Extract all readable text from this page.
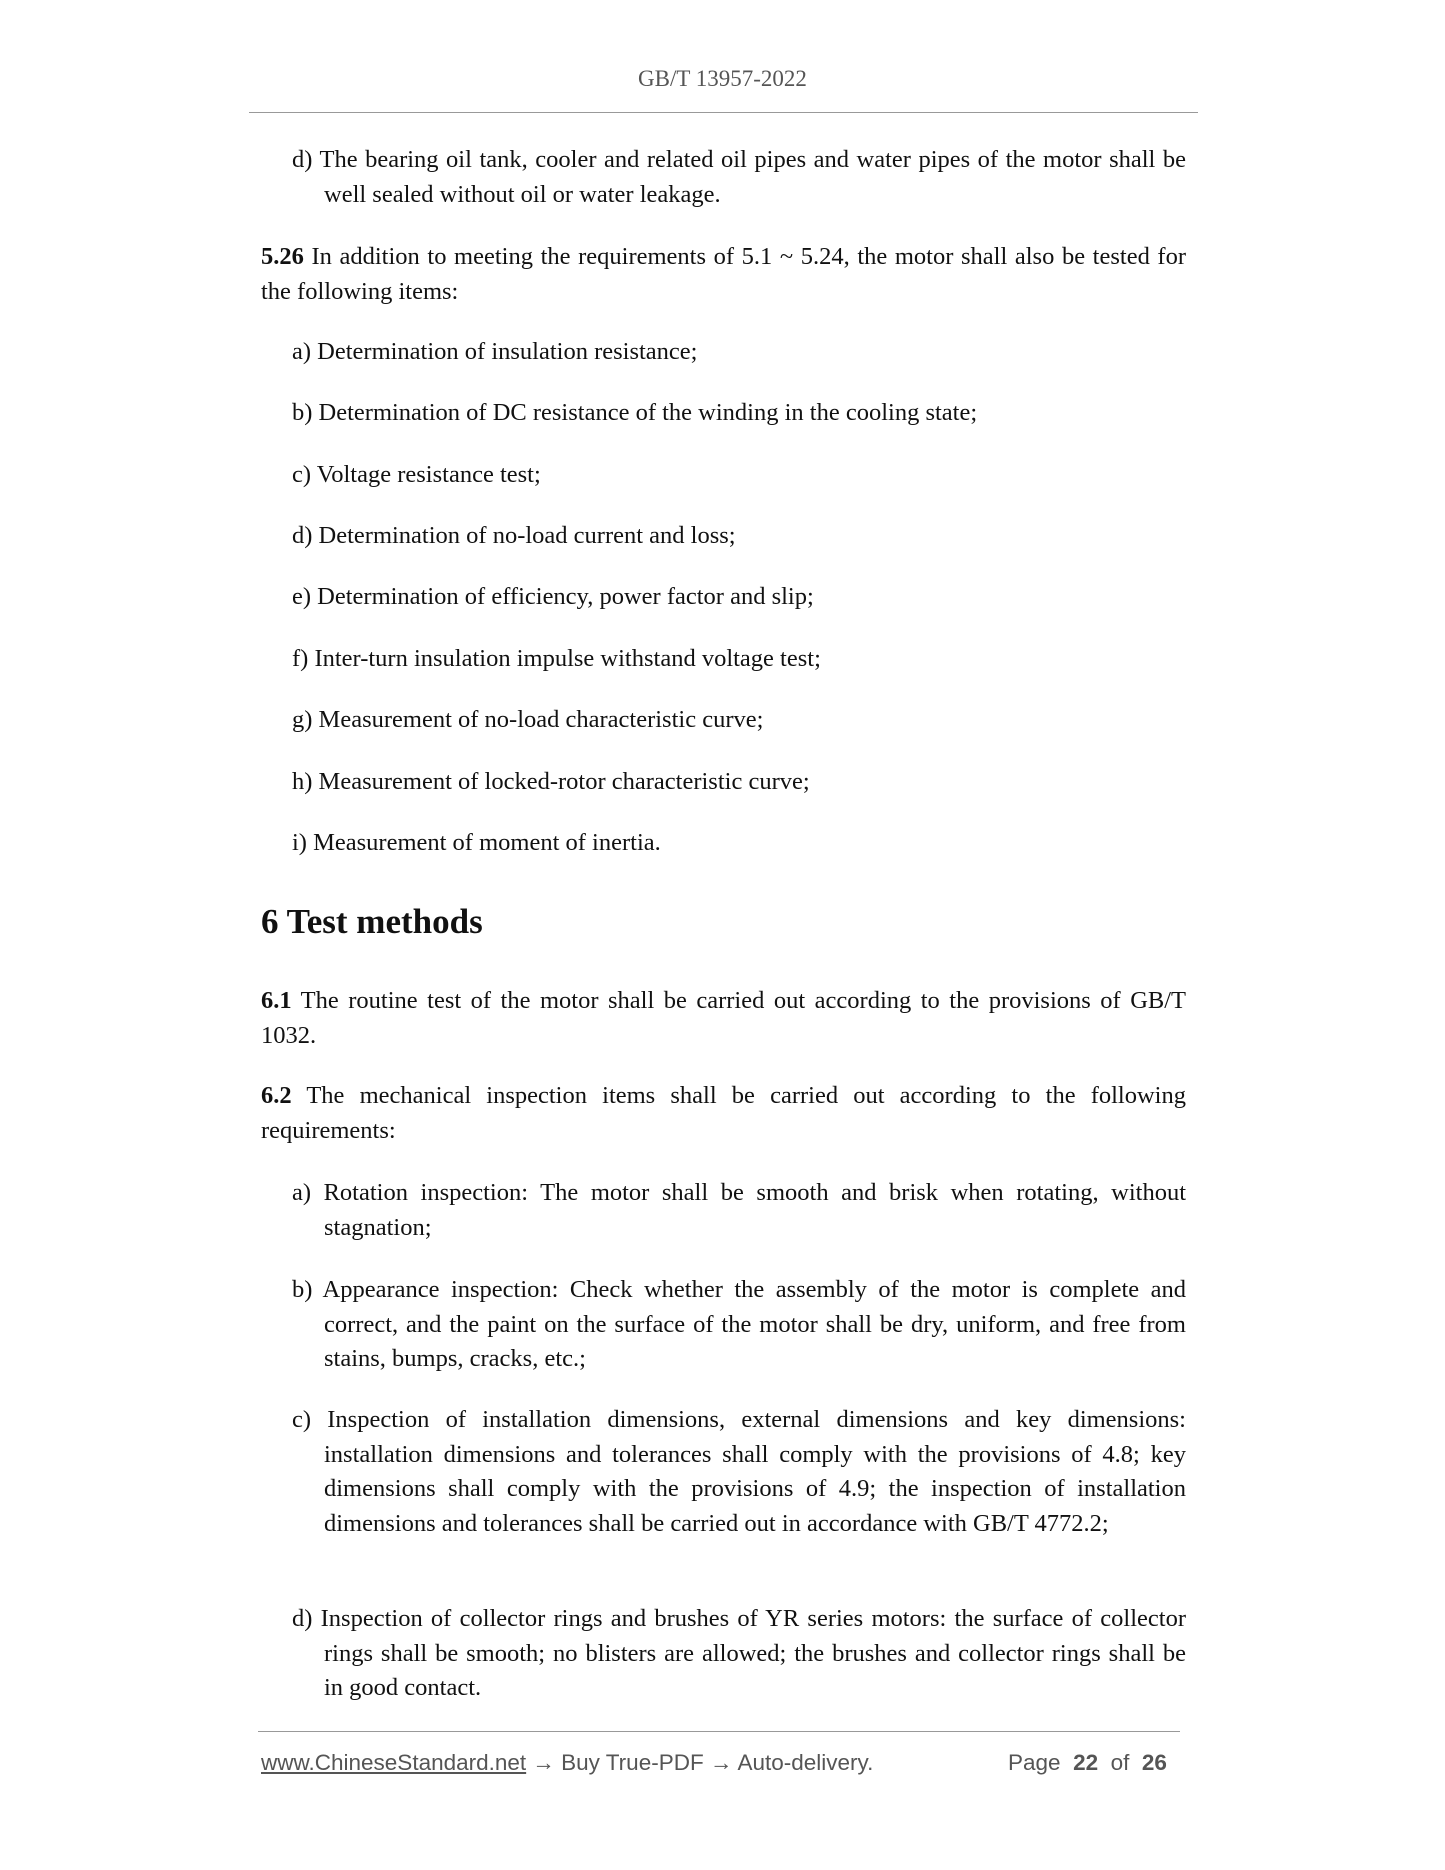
GB/T 13957-2022
d) The bearing oil tank, cooler and related oil pipes and water pipes of the motor shall be well sealed without oil or water leakage.
5.26 In addition to meeting the requirements of 5.1 ~ 5.24, the motor shall also be tested for the following items:
a) Determination of insulation resistance;
b) Determination of DC resistance of the winding in the cooling state;
c) Voltage resistance test;
d) Determination of no-load current and loss;
e) Determination of efficiency, power factor and slip;
f) Inter-turn insulation impulse withstand voltage test;
g) Measurement of no-load characteristic curve;
h) Measurement of locked-rotor characteristic curve;
i) Measurement of moment of inertia.
6 Test methods
6.1 The routine test of the motor shall be carried out according to the provisions of GB/T 1032.
6.2 The mechanical inspection items shall be carried out according to the following requirements:
a) Rotation inspection: The motor shall be smooth and brisk when rotating, without stagnation;
b) Appearance inspection: Check whether the assembly of the motor is complete and correct, and the paint on the surface of the motor shall be dry, uniform, and free from stains, bumps, cracks, etc.;
c) Inspection of installation dimensions, external dimensions and key dimensions: installation dimensions and tolerances shall comply with the provisions of 4.8; key dimensions shall comply with the provisions of 4.9; the inspection of installation dimensions and tolerances shall be carried out in accordance with GB/T 4772.2;
d) Inspection of collector rings and brushes of YR series motors: the surface of collector rings shall be smooth; no blisters are allowed; the brushes and collector rings shall be in good contact.
www.ChineseStandard.net → Buy True-PDF → Auto-delivery.	Page 22 of 26
